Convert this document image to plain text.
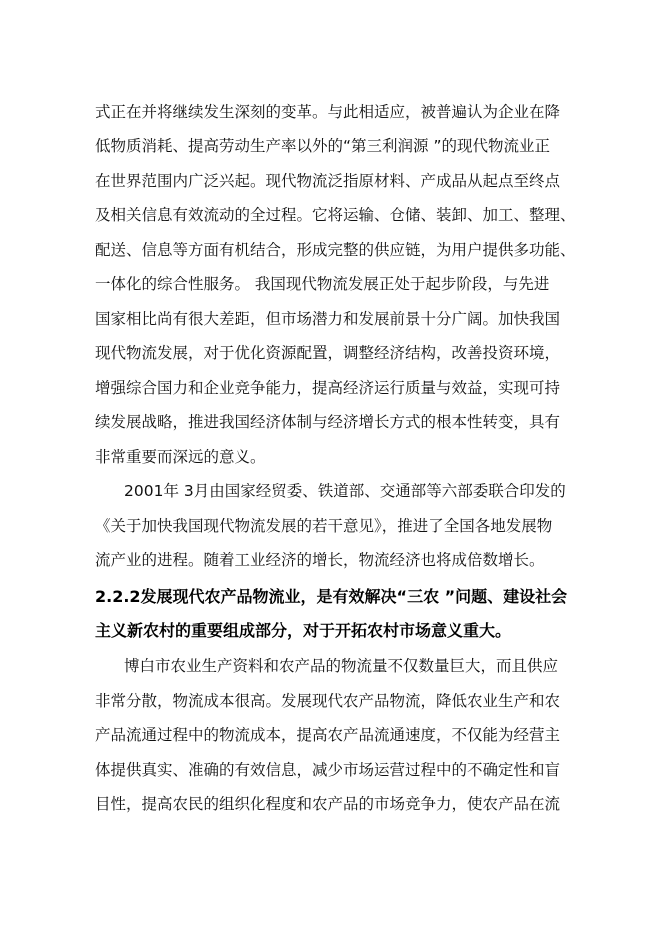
式正在并将继续发生深刻的变革。与此相适应，被普遍认为企业在降
低物质消耗、提高劳动生产率以外的“第三利润源 ”的现代物流业正
在世界范围内广泛兴起。现代物流泛指原材料、产成品从起点至终点
及相关信息有效流动的全过程。它将运输、仓储、装卸、加工、整理、
配送、信息等方面有机结合，形成完整的供应链，为用户提供多功能、
一体化的综合性服务。 我国现代物流发展正处于起步阶段，与先进
国家相比尚有很大差距，但市场潜力和发展前景十分广阔。加快我国
现代物流发展，对于优化资源配置，调整经济结构，改善投资环境，
增强综合国力和企业竞争能力，提高经济运行质量与效益，实现可持
续发展战略，推进我国经济体制与经济增长方式的根本性转变，具有
非常重要而深远的意义。
2001年 3月由国家经贸委、铁道部、交通部等六部委联合印发的
《关于加快我国现代物流发展的若干意见》，推进了全国各地发展物
流产业的进程。随着工业经济的增长，物流经济也将成倍数增长。
2.2.2发展现代农产品物流业，是有效解决“三农 ”问题、建设社会
主义新农村的重要组成部分，对于开拓农村市场意义重大。
博白市农业生产资料和农产品的物流量不仅数量巨大，而且供应
非常分散，物流成本很高。发展现代农产品物流，降低农业生产和农
产品流通过程中的物流成本，提高农产品流通速度，不仅能为经营主
体提供真实、准确的有效信息，减少市场运营过程中的不确定性和盲
目性，提高农民的组织化程度和农产品的市场竞争力，使农产品在流
